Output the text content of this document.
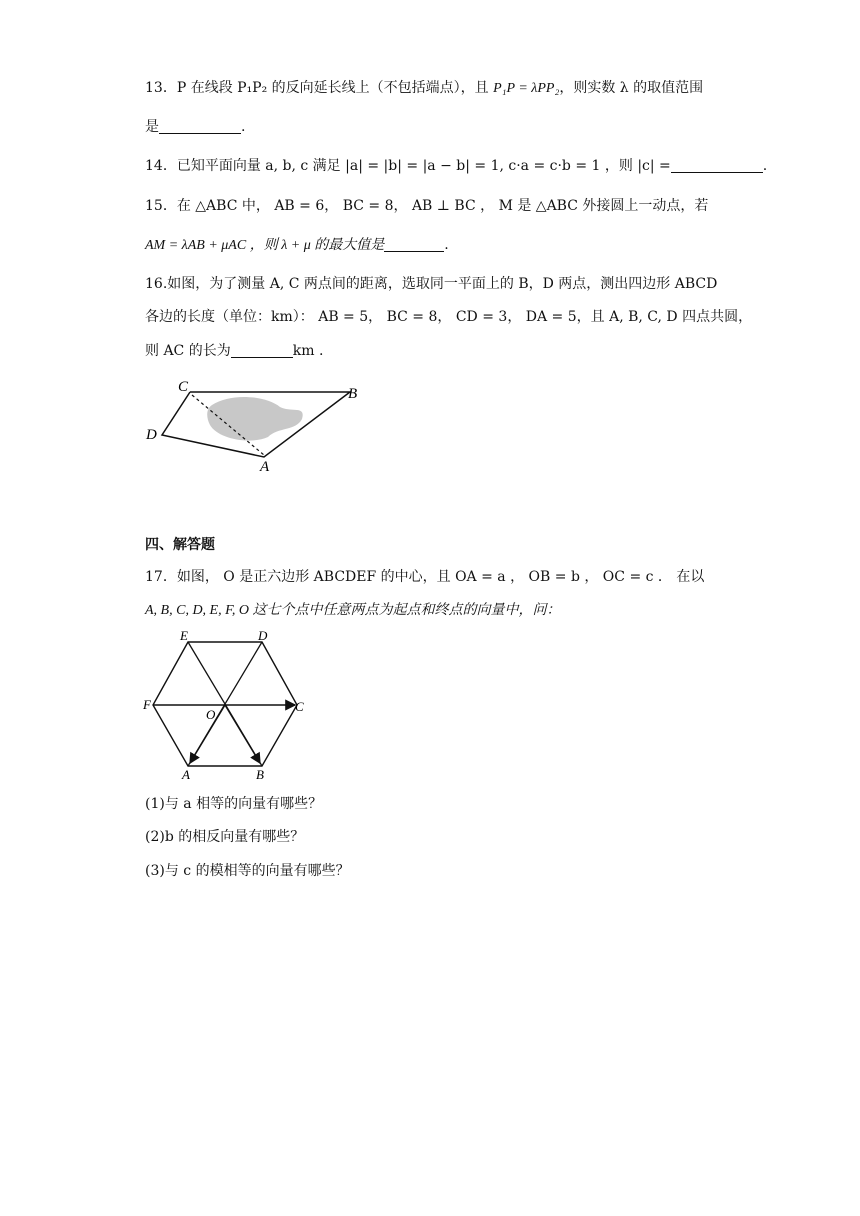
13．P 在线段 P₁P₂ 的反向延长线上（不包括端点），且 P₁P = λPP₂，则实数 λ 的取值范围
是	.
14．已知平面向量 a, b, c 满足 |a| = |b| = |a − b| = 1, c·a = c·b = 1 ，则 |c| =	.
15．在 △ABC 中， AB = 6， BC = 8， AB ⊥ BC ， M 是 △ABC 外接圆上一动点，若
AM = λAB + μAC ，则 λ + μ 的最大值是	.
16.如图，为了测量 A, C 两点间的距离，选取同一平面上的 B，D 两点，测出四边形 ABCD
各边的长度（单位：km）： AB = 5， BC = 8， CD = 3， DA = 5，且 A, B, C, D 四点共圆，
则 AC 的长为	km .
C	B
D
A
四、解答题
17．如图， O 是正六边形 ABCDEF 的中心，且 OA = a ， OB = b ， OC = c ． 在以
A, B, C, D, E, F, O 这七个点中任意两点为起点和终点的向量中，问：
E	D
F
O
C
A	B
(1)与 a 相等的向量有哪些？
(2)b 的相反向量有哪些？
(3)与 c 的模相等的向量有哪些？
